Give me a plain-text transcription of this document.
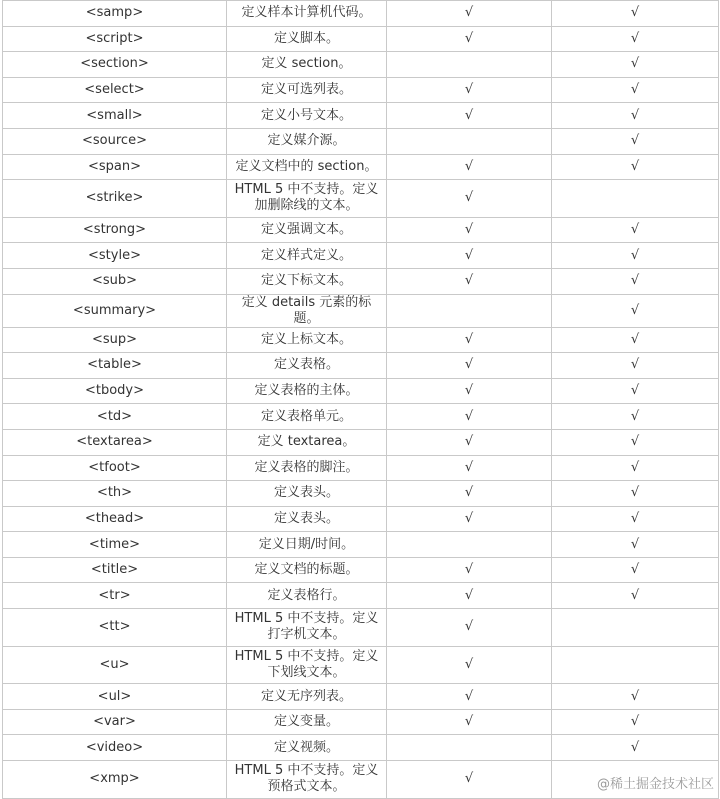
<samp>	定义样本计算机代码。	√	√
<script>	定义脚本。	√	√
<section>	定义 section。		√
<select>	定义可选列表。	√	√
<small>	定义小号文本。	√	√
<source>	定义媒介源。		√
<span>	定义文档中的 section。	√	√
<strike>	HTML 5 中不支持。定义加删除线的文本。	√	
<strong>	定义强调文本。	√	√
<style>	定义样式定义。	√	√
<sub>	定义下标文本。	√	√
<summary>	定义 details 元素的标题。		√
<sup>	定义上标文本。	√	√
<table>	定义表格。	√	√
<tbody>	定义表格的主体。	√	√
<td>	定义表格单元。	√	√
<textarea>	定义 textarea。	√	√
<tfoot>	定义表格的脚注。	√	√
<th>	定义表头。	√	√
<thead>	定义表头。	√	√
<time>	定义日期/时间。		√
<title>	定义文档的标题。	√	√
<tr>	定义表格行。	√	√
<tt>	HTML 5 中不支持。定义打字机文本。	√	
<u>	HTML 5 中不支持。定义下划线文本。	√	
<ul>	定义无序列表。	√	√
<var>	定义变量。	√	√
<video>	定义视频。		√
<xmp>	HTML 5 中不支持。定义预格式文本。	√		@稀土掘金技术社区
